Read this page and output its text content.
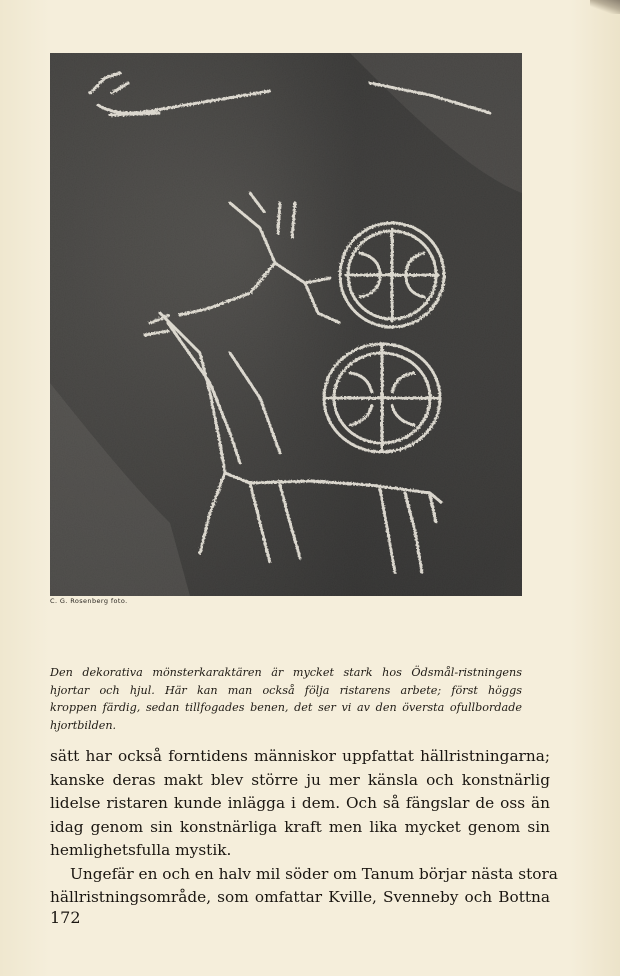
C. G. Rosenberg foto.
Den dekorativa mönsterkaraktären är mycket stark hos Ödsmål-ristningens
hjortar och hjul. Här kan man också följa ristarens arbete; först höggs
kroppen färdig, sedan tillfogades benen, det ser vi av den översta ofullbordade
hjortbilden.
sätt har också forntidens människor uppfattat hällristningarna;
kanske deras makt blev större ju mer känsla och konstnärlig
lidelse ristaren kunde inlägga i dem. Och så fängslar de oss än
idag genom sin konstnärliga kraft men lika mycket genom sin
hemlighetsfulla mystik.
Ungefär en och en halv mil söder om Tanum börjar nästa stora
hällristningsområde, som omfattar Kville, Svenneby och Bottna
172
